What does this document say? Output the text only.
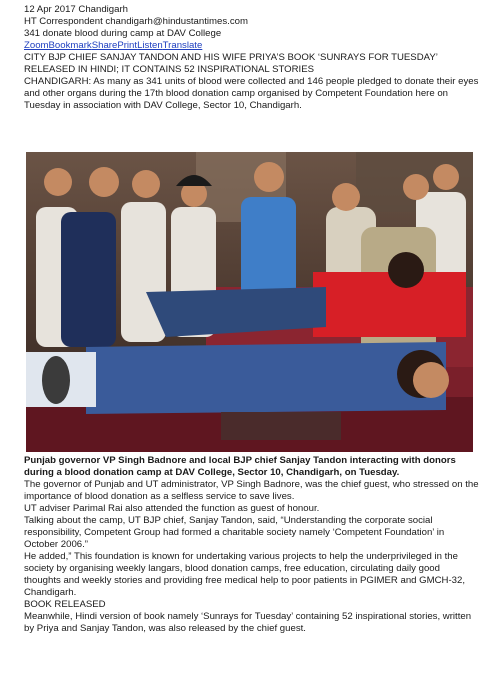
12 Apr 2017 Chandigarh
HT Correspondent chandigarh@hindustantimes.com
341 donate blood during camp at DAV College
ZoomBookmarkSharePrintListenTranslate
CITY BJP CHIEF SANJAY TANDON AND HIS WIFE PRIYA’S BOOK ‘SUNRAYS FOR TUESDAY’ RELEASED IN HINDI; IT CONTAINS 52 INSPIRATIONAL STORIES
CHANDIGARH: As many as 341 units of blood were collected and 146 people pledged to donate their eyes and other organs during the 17th blood donation camp organised by Competent Foundation here on Tuesday in association with DAV College, Sector 10, Chandigarh.
Punjab governor VP Singh Badnore and local BJP chief Sanjay Tandon interacting with donors during a blood donation camp at DAV College, Sector 10, Chandigarh, on Tuesday.
The governor of Punjab and UT administrator, VP Singh Badnore, was the chief guest, who stressed on the importance of blood donation as a selfless service to save lives.
UT adviser Parimal Rai also attended the function as guest of honour.
Talking about the camp, UT BJP chief, Sanjay Tandon, said, “Understanding the corporate social responsibility, Competent Group had formed a charitable society namely ‘Competent Foundation’ in October 2006.”
He added,” This foundation is known for undertaking various projects to help the underprivileged in the society by organising weekly langars, blood donation camps, free education, circulating daily good thoughts and weekly stories and providing free medical help to poor patients in PGIMER and GMCH-32, Chandigarh.
BOOK RELEASED
Meanwhile, Hindi version of book namely ‘Sunrays for Tuesday’ containing 52 inspirational stories, written by Priya and Sanjay Tandon, was also released by the chief guest.
